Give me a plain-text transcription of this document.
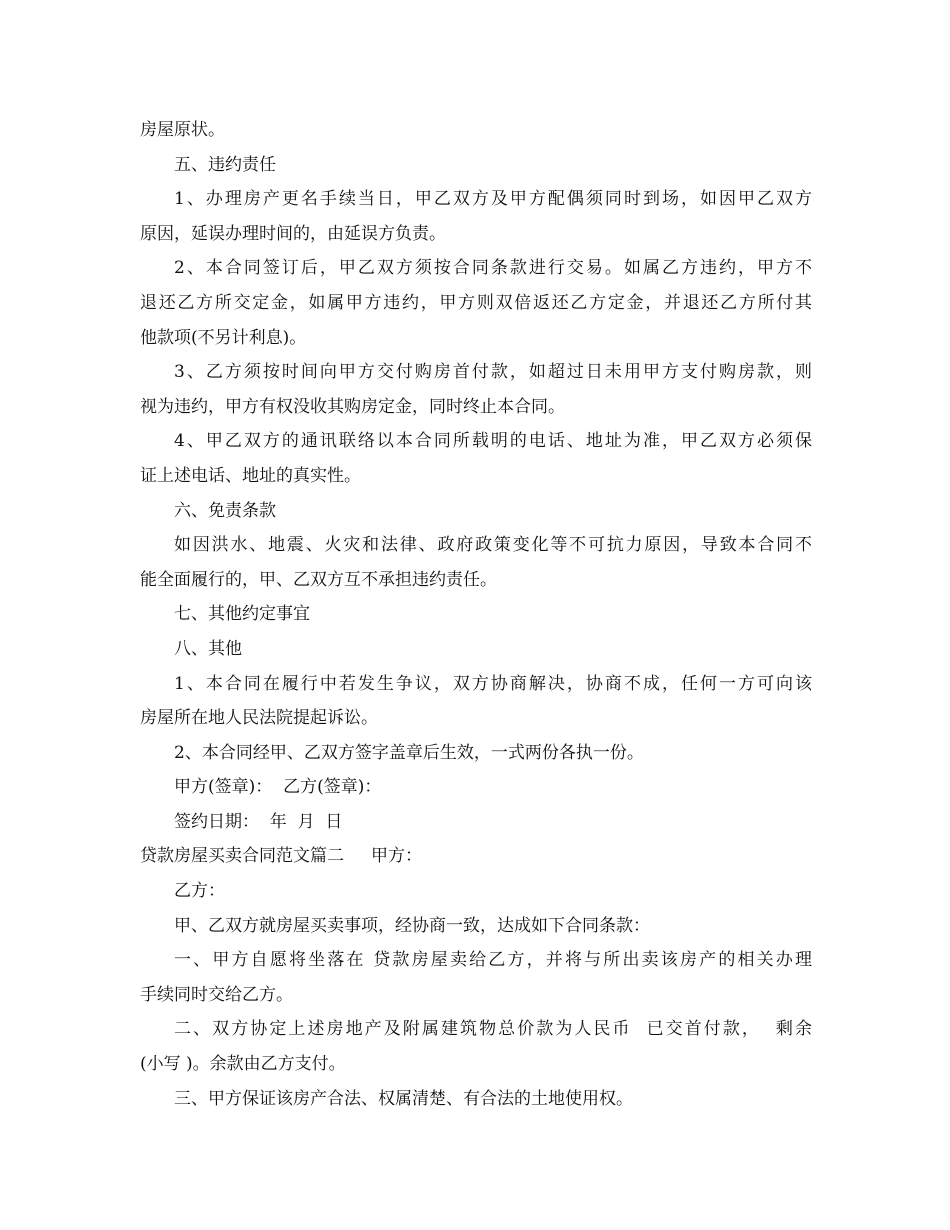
房屋原状。
五、违约责任
1、办理房产更名手续当日，甲乙双方及甲方配偶须同时到场，如因甲乙双方
原因，延误办理时间的，由延误方负责。
2、本合同签订后，甲乙双方须按合同条款进行交易。如属乙方违约，甲方不
退还乙方所交定金，如属甲方违约，甲方则双倍返还乙方定金，并退还乙方所付其
他款项(不另计利息)。
3、乙方须按时间向甲方交付购房首付款，如超过日未用甲方支付购房款，则
视为违约，甲方有权没收其购房定金，同时终止本合同。
4、甲乙双方的通讯联络以本合同所载明的电话、地址为准，甲乙双方必须保
证上述电话、地址的真实性。
六、免责条款
如因洪水、地震、火灾和法律、政府政策变化等不可抗力原因，导致本合同不
能全面履行的，甲、乙双方互不承担违约责任。
七、其他约定事宜
八、其他
1、本合同在履行中若发生争议，双方协商解决，协商不成，任何一方可向该
房屋所在地人民法院提起诉讼。
2、本合同经甲、乙双方签字盖章后生效，一式两份各执一份。
甲方(签章)：  乙方(签章)：
签约日期：  年  月  日
贷款房屋买卖合同范文篇二     甲方：
乙方：
甲、乙双方就房屋买卖事项，经协商一致，达成如下合同条款：
一、甲方自愿将坐落在 贷款房屋卖给乙方，并将与所出卖该房产的相关办理
手续同时交给乙方。
二、双方协定上述房地产及附属建筑物总价款为人民币  已交首付款，  剩余
(小写 )。余款由乙方支付。
三、甲方保证该房产合法、权属清楚、有合法的土地使用权。
